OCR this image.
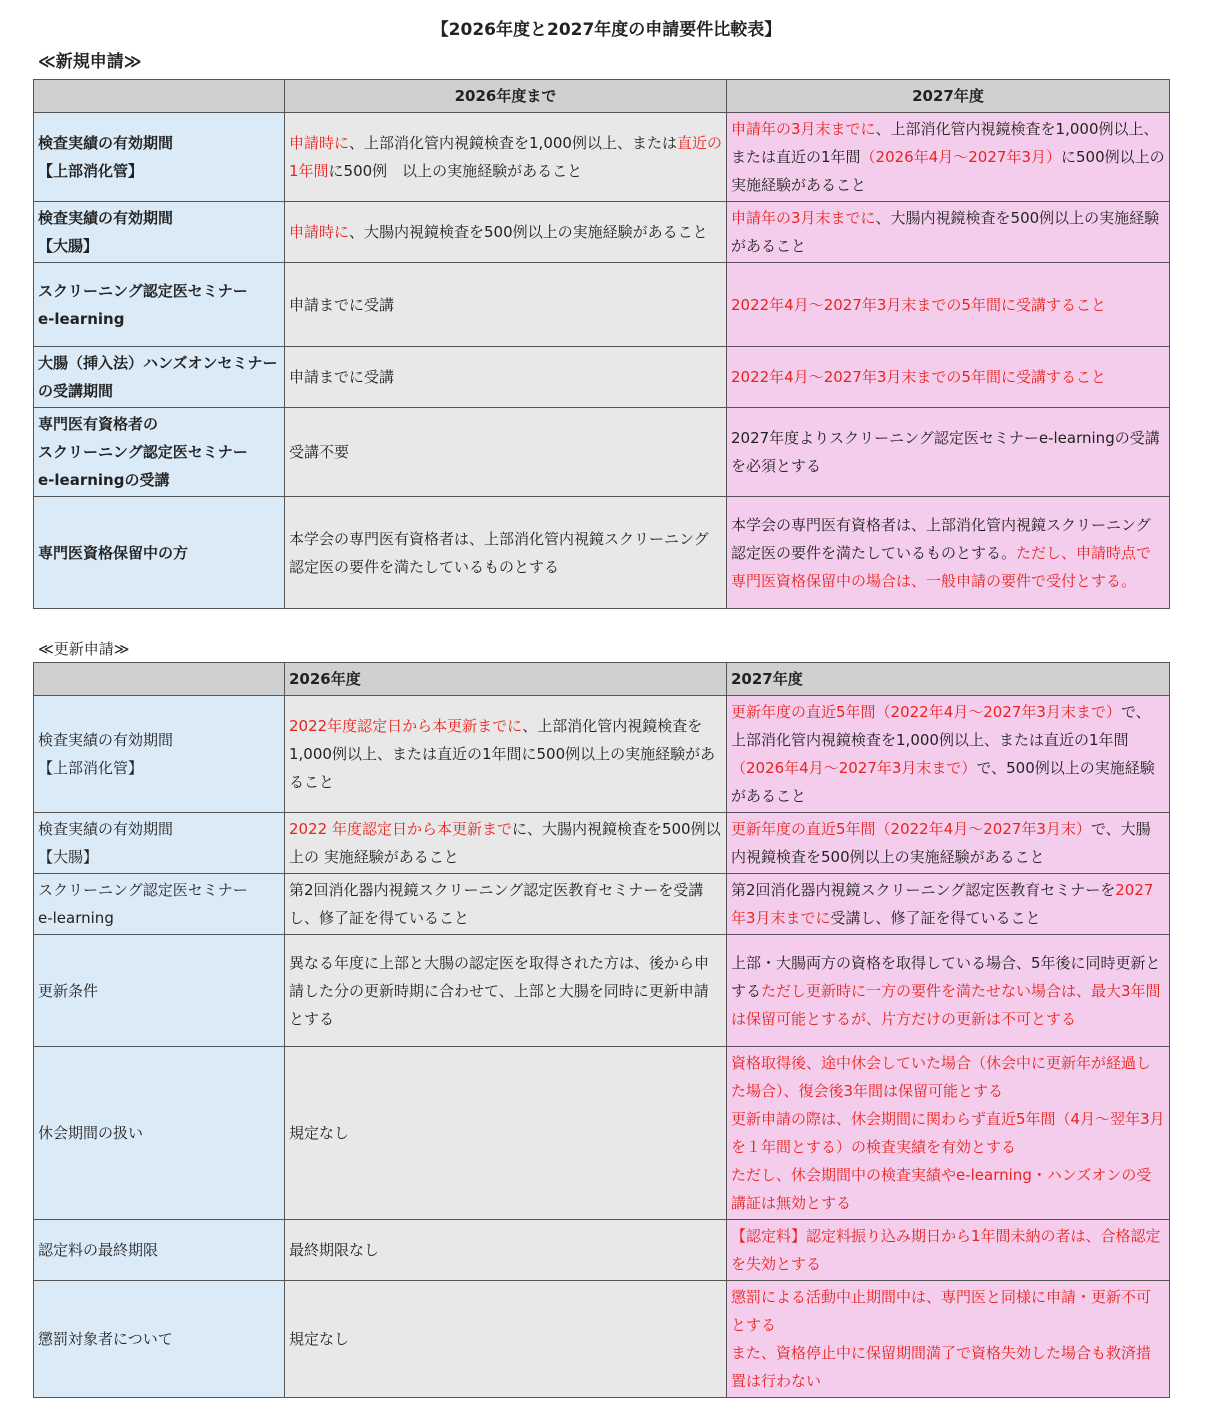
【2026年度と2027年度の申請要件比較表】
≪新規申請≫
	2026年度まで	2027年度

検査実績の有効期間
【上部消化管】	申請時に、上部消化管内視鏡検査を1,000例以上、または直近の1年間に500例　以上の実施経験があること	申請年の3月末までに、上部消化管内視鏡検査を1,000例以上、または直近の1年間（2026年4月～2027年3月）に500例以上の実施経験があること

検査実績の有効期間
【大腸】	申請時に、大腸内視鏡検査を500例以上の実施経験があること	申請年の3月末までに、大腸内視鏡検査を500例以上の実施経験があること

スクリーニング認定医セミナー
e-learning	申請までに受講	2022年4月～2027年3月末までの5年間に受講すること

大腸（挿入法）ハンズオンセミナーの受講期間	申請までに受講	2022年4月～2027年3月末までの5年間に受講すること

専門医有資格者の
スクリーニング認定医セミナー
e-learningの受講	受講不要	2027年度よりスクリーニング認定医セミナーe-learningの受講を必須とする

専門医資格保留中の方	本学会の専門医有資格者は、上部消化管内視鏡スクリーニング認定医の要件を満たしているものとする	本学会の専門医有資格者は、上部消化管内視鏡スクリーニング認定医の要件を満たしているものとする。ただし、申請時点で専門医資格保留中の場合は、一般申請の要件で受付とする。
≪更新申請≫
	2026年度	2027年度

検査実績の有効期間
【上部消化管】	2022年度認定日から本更新までに、上部消化管内視鏡検査を1,000例以上、または直近の1年間に500例以上の実施経験があること	更新年度の直近5年間（2022年4月～2027年3月末まで）で、上部消化管内視鏡検査を1,000例以上、または直近の1年間（2026年4月～2027年3月末まで）で、500例以上の実施経験があること

検査実績の有効期間
【大腸】	2022 年度認定日から本更新までに、大腸内視鏡検査を500例以上の 実施経験があること	更新年度の直近5年間（2022年4月～2027年3月末）で、大腸内視鏡検査を500例以上の実施経験があること

スクリーニング認定医セミナー
e-learning	第2回消化器内視鏡スクリーニング認定医教育セミナーを受講し、修了証を得ていること	第2回消化器内視鏡スクリーニング認定医教育セミナーを2027年3月末までに受講し、修了証を得ていること

更新条件	異なる年度に上部と大腸の認定医を取得された方は、後から申請した分の更新時期に合わせて、上部と大腸を同時に更新申請とする	上部・大腸両方の資格を取得している場合、5年後に同時更新とするただし更新時に一方の要件を満たせない場合は、最大3年間は保留可能とするが、片方だけの更新は不可とする

休会期間の扱い	規定なし	資格取得後、途中休会していた場合（休会中に更新年が経過した場合）、復会後3年間は保留可能とする
更新申請の際は、休会期間に関わらず直近5年間（4月～翌年3月を１年間とする）の検査実績を有効とする
ただし、休会期間中の検査実績やe-learning・ハンズオンの受講証は無効とする

認定料の最終期限	最終期限なし	【認定料】認定料振り込み期日から1年間未納の者は、合格認定を失効とする

懲罰対象者について	規定なし	懲罰による活動中止期間中は、専門医と同様に申請・更新不可とする
また、資格停止中に保留期間満了で資格失効した場合も救済措置は行わない
